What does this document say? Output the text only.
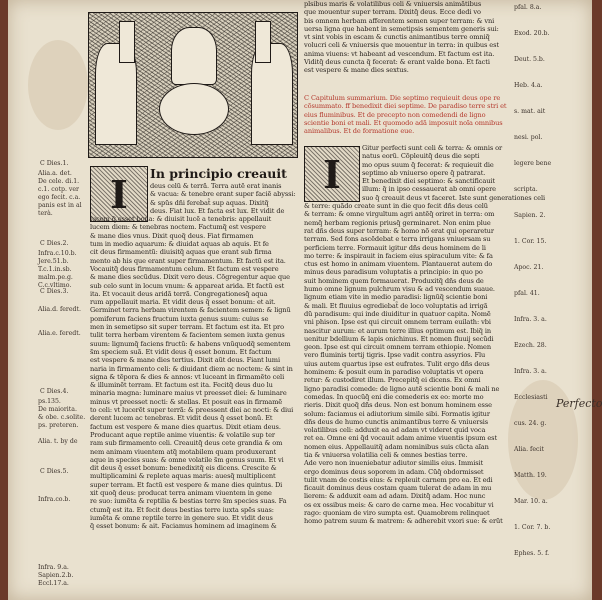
C Dies.1.
C Dies.2.
C Dies.3.
C Dies.4.
C Dies.5.
Alia.a. det.
De cele. di.1.
c.1. cotp. ver
ego fecit. c.a.
panis est in al
terà.
Infra.c.10.b.
Jere.51.b.
T.c.1.in.sb.
malm.pe.g.
C.c.vltimo.
Alia.d. feredt.
Alia.e. feredt.
ps.135.
De maiorita.
& obe. c.solite.
ps. preteren.
Alia. t. by de
Infra.co.b.
Infra. 9.a.
Sapien.2.b.
Eccl.17.a.
I	In principio creauit
deus celũ & terrã. Terra autẽ erat inanis
& vacua: & tenebre erant super faciẽ abyssi:
& spũs dñi ferebat̃ sup aquas. Dixitq̃
deus. Fiat lux. Et facta est lux. Et vidit de
lucem q̃ esset bona: & diuisit lucẽ a tenebris: appellauit
lucem diem: & tenebras noctem. Factumq̃ est vespere
& mane dies vnus. Dixit quoq̃ deus. Fiat firmamen
tum in medio aquarum: & diuidat aquas ab aquis. Et fe
cit deus firmamentũ: diuisitq̃ aquas que erant sub firma
mento ab his que erant super firmamentum. Et factũ est ita.
Vocauitq̃ deus firmamentum celum. Et factum est vespere
& mane dies secũdus. Dixit vero deus. Cõgregentur aque que
sub celo sunt in locum vnum: & appareat arida. Et factũ est
ita. Et vocauit deus aridã terrã. Congregationesq̃ aqua
rum appellauit maria. Et vidit deus q̃ esset bonum: et ait.
Germinet terra herbam virentem & facientem semen: & lignũ
pomiferum faciens fructum iuxta genus suum: cuius se
men in semetipso sit super terram. Et factum est ita. Et pro
tulit terra herbam virentem & facientem semen iuxta genus
suum: lignumq̃ faciens fructũ: & habens vnũquodq̃ sementem
s̃m speciem suã. Et vidit deus q̃ esset bonum. Et factum
est vespere & mane dies tertius. Dixit aũt deus. Fiant lumi
naria in firmamento celi: & diuidant diem ac noctem: & sint in
signa & tẽpora & dies & annos: vt luceant in firmamẽto celi
& illuminẽt terram. Et factum est ita. Fecitq̃ deus duo lu
minaria magna: luminare maius vt preesset diei: & luminare
minus vt preesset nocti: & stellas. Et posuit eas in firmamẽ
to celi: vt lucerẽt super terrã: & preessent diei ac nocti: & diui
derent lucem ac tenebras. Et vidit deus q̃ esset bonũ. Et
factum est vespere & mane dies quartus. Dixit etiam deus.
Producant aque reptile anime viuentis: & volatile sup ter
ram sub firmamento celi. Creauitq̃ deus cete grandia & om
nem animam viuentem atq̃ motabilem quam produxerant
aque in species suas: & omne volatile s̃m genus suum. Et vi
dit deus q̃ esset bonum: benedixitq̃ eis dicens. Crescite &
multiplicamini & replete aquas maris: auesq̃ multiplicent
super terram. Et factũ est vespere & mane dies quintus. Di
xit quoq̃ deus: producat terra animam viuentem in gene
re suo: iumẽta & reptilia & bestias terre s̃m species suas. Fa
ctumq̃ est ita. Et fecit deus bestias terre iuxta spẽs suas:
iumẽta & omne reptile terre in genere suo. Et vidit deus
q̃ esset bonum: & ait. Faciamus hominem ad imaginem &
plsibus maris & volatilibus celi & vniuersis animãtibus
que mouentur super terram. Dixitq̃ deus. Ecce dedi vo
bis omnem herbam afferentem semen super terram: & vni
uersa ligna que habent in semetipsis sementem generis sui:
vt sint vobis in escam & cunctis animantibus terre omniq̃
volucri celi & vniuersis que mouentur in terra: in quibus est
anima viuens: vt habeant ad vescendum. Et factum est ita.
Viditq̃ deus cuncta q̃ fecerat: & erant valde bona. Et facti
est vespere & mane dies sextus.
C Capitulum summarium. Die septimo requieuit deus ope re cõsummato. ff benedixit diei septime. De paradiso terre stri et eius fluminibus. Et de precepto non comedendi de ligno scientie boni et mali. Et quomodo adã imposuit noĩa omnibus animalibus. Et de formatione eue.
I
Gitur perfecti sunt celi & terra: & omnis or
natus eorũ. Cõpleuitq̃ deus die septi
mo opus suum q̃ fecerat: & requieuit die
septimo ab vniuerso opere q̃ patrarat.
Et benedixit diei septimo: & sanctificauit
illum: q̃ in ipso cessauerat ab omni opere
suo q̃ creauit deus vt faceret. Iste sunt generationes celi
& terre: quãdo create sunt in die quo fecit dñs deus celũ
& terram: & omne virgultum agri antẽq̃ oriret in terra: om
nemq̃ herbam regionis priusq̃ germinaret. Non enim plue
rat dñs deus super terram: & homo nõ erat qui operaretur
terram. Sed fons ascẽdebat e terra irrigans vniuersam su
perficiem terre. Formauit igitur dñs deus hominem de li
mo terre: & inspirauit in faciem eius spiraculum vite: & fa
ctus est homo in animam viuentem. Plantauerat autem do
minus deus paradisum voluptatis a principio: in quo po
suit hominem quem formauerat. Produxitq̃ dñs deus de
humo omne lignum pulchrum visu & ad vescendum suaue.
lignum etiam vite in medio paradisi: lignũq̃ scientie boni
& mali. Et fluuius egrediebat̃ de loco voluptatis ad irrigã
dũ paradisum: qui inde diuiditur in quatuor capita. Nomẽ
vni phison. Ipse est qui circuit omnem terram euilath: vbi
nascitur aurum: et aurum terre illius optimum est. Ibiq̃ in
uenitur bdellium & lapis onichinus. Et nomen fluuij secũdi
geon. Ipse est qui circuit omnem terram ethiopie. Nomen
vero fluminis tertij tigris. Ipse vadit contra assyrios. Flu
uius autem quartus ipse est eufrates. Tulit ergo dñs deus
hominem: & posuit eum in paradiso voluptatis vt opera
retur: & custodiret illum. Precepitq̃ ei dicens. Ex omni
ligno paradisi comede: de ligno autẽ scientie boni & mali ne
comedas. In quocũq̃ eni die comederis ex eo: morte mo
rieris. Dixit quoq̃ dñs deus. Non est bonum hominem esse
solum: faciamus ei adiutorium simile sibi. Formatis igitur
dñs deus de humo cunctis animantibus terre & vniuersis
volatilibus celi: adduxit ea ad adam vt videret quid voca
ret ea. Omne eni q̃d vocauit adam anime viuentis ipsum est
nomen eius. Appellauitq̃ adam nominibus suis cũcta aĩan
tia & vniuersa volatilia celi & omnes bestias terre.
Ade vero non inueniebatur adiutor similis eius. Immisit
ergo dominus deus soporem in adam. Cũq̃ obdormisset
tulit vnam de costis eius: & repleuit carnem pro ea. Et edi
ficauit dominus deus costam quam tulerat de adam in mu
lierem: & adduxit eam ad adam. Dixitq̃ adam. Hoc nunc
os ex ossibus meis: & caro de carne mea. Hec vocabitur vi
rago: quoniam de viro sumpta est. Quamobrem relinquet
homo patrem suum & matrem: & adherebit vxori sue: & erũt
pfal. 8.a.
Exod. 20.b.
Deut. 5.b.
Heb. 4.a.
s. mat. ait
nesi. pol.
legere bene
scripta.
Sapien. 2.
1. Cor. 15.
Apoc. 21.
pfal. 41.
Infra. 3. a.
Ezech. 28.
Infra. 3. a.
Ecclesiasti
cus. 24. g.
Alia. fecit
Matth. 19.
Mar. 10. a.
1. Cor. 7. b.
Ephes. 5. f.
Perfecto
